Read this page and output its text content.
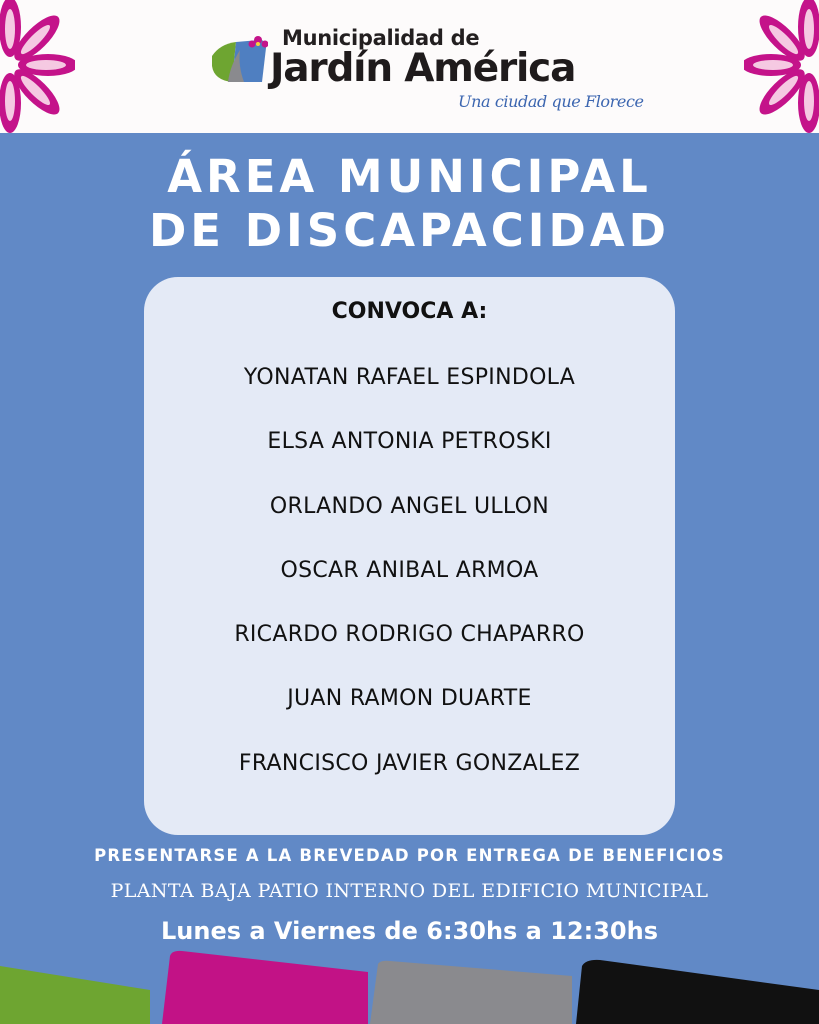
Municipalidad de
Jardín América
Una ciudad que Florece
ÁREA MUNICIPAL
DE DISCAPACIDAD
CONVOCA A:
YONATAN RAFAEL ESPINDOLA
ELSA ANTONIA PETROSKI
ORLANDO ANGEL ULLON
OSCAR ANIBAL ARMOA
RICARDO RODRIGO CHAPARRO
JUAN RAMON DUARTE
FRANCISCO JAVIER GONZALEZ
PRESENTARSE A LA BREVEDAD POR ENTREGA DE BENEFICIOS
PLANTA BAJA PATIO INTERNO DEL EDIFICIO MUNICIPAL
Lunes a Viernes de 6:30hs a 12:30hs
